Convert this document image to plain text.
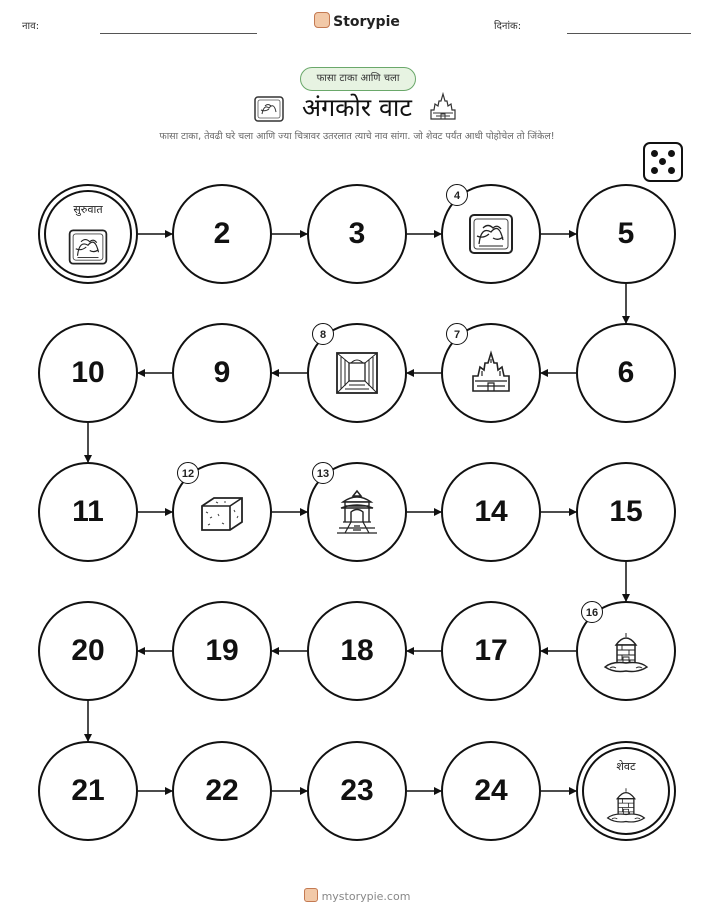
नाव:	Storypie	दिनांक:
फासा टाका आणि चला
अंगकोर वाट
फासा टाका, तेवढी घरे चला आणि ज्या चित्रावर उतरलात त्याचे नाव सांगा. जो शेवट पर्यंत आधी पोहोचेल तो जिंकेल!
सुरुवात
2	3
4
5
6
7
8
9
10
11
12	13
14	15
16
17
18
19
20
21	22	23	24
शेवट
mystorypie.com
